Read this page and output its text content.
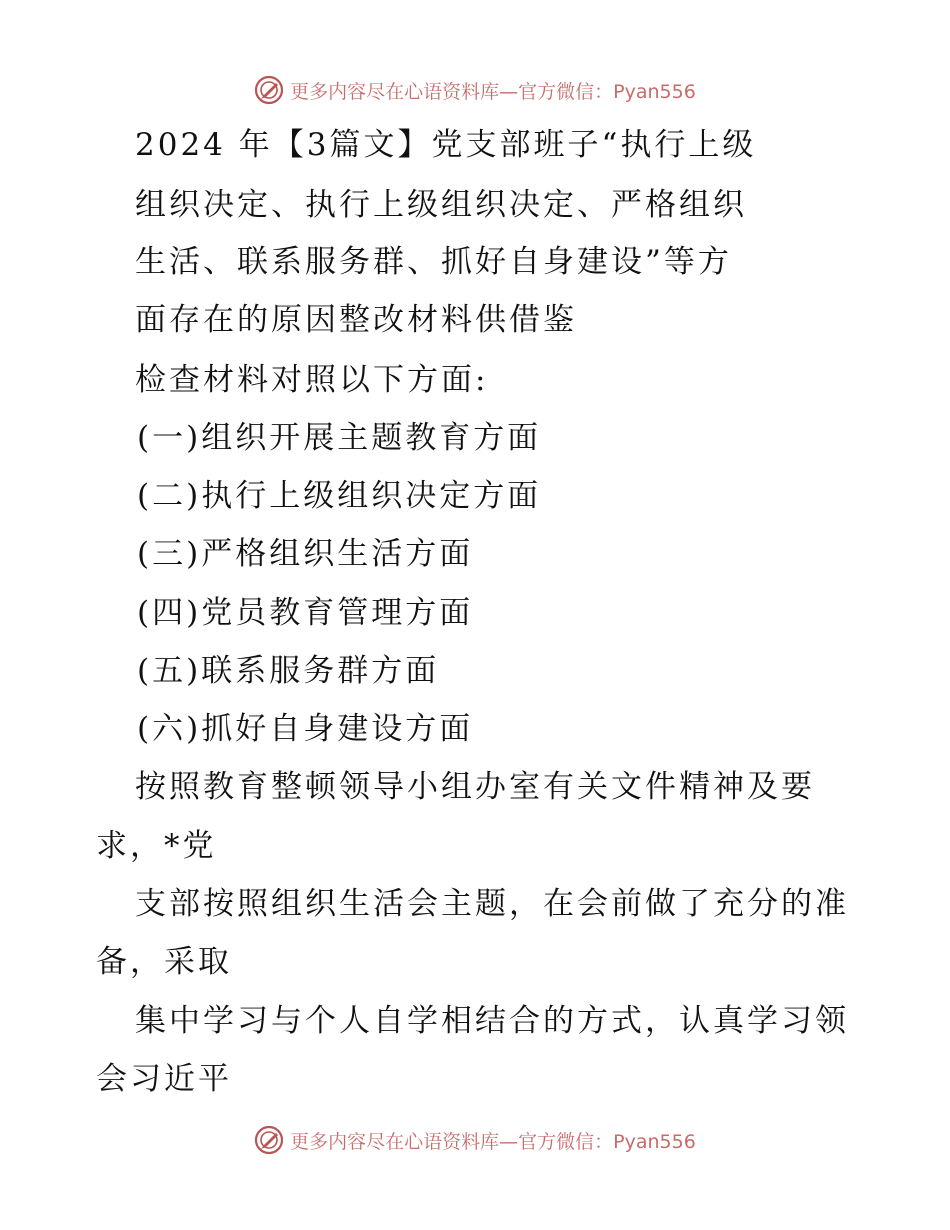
更多内容尽在心语资料库—官方微信：Pyan556
2024 年【3篇文】党支部班子“执行上级
组织决定、执行上级组织决定、严格组织
生活、联系服务群、抓好自身建设”等方
面存在的原因整改材料供借鉴
检查材料对照以下方面:
(一)组织开展主题教育方面
(二)执行上级组织决定方面
(三)严格组织生活方面
(四)党员教育管理方面
(五)联系服务群方面
(六)抓好自身建设方面
按照教育整顿领导小组办室有关文件精神及要
求，*党
支部按照组织生活会主题，在会前做了充分的准
备，采取
集中学习与个人自学相结合的方式，认真学习领
会习近平
更多内容尽在心语资料库—官方微信：Pyan556
